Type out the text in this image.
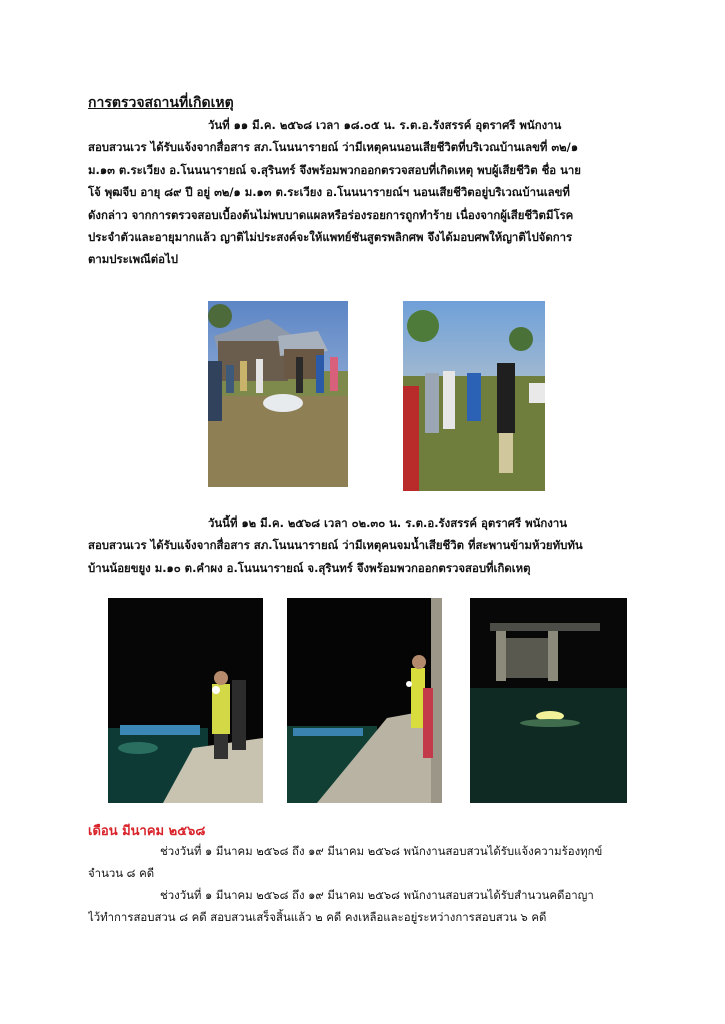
การตรวจสถานที่เกิดเหตุ
วันที่ ๑๑ มี.ค. ๒๕๖๘ เวลา ๑๘.๐๕ น. ร.ต.อ.รังสรรค์ อุตราศรี พนักงาน
สอบสวนเวร ได้รับแจ้งจากสื่อสาร สภ.โนนนารายณ์ ว่ามีเหตุคนนอนเสียชีวิตที่บริเวณบ้านเลขที่ ๓๒/๑
ม.๑๓ ต.ระเวียง อ.โนนนารายณ์ จ.สุรินทร์ จึงพร้อมพวกออกตรวจสอบที่เกิดเหตุ พบผู้เสียชีวิต ชื่อ นาย
โจ้ พุฒจีบ อายุ ๘๙ ปี อยู่ ๓๒/๑ ม.๑๓ ต.ระเวียง อ.โนนนารายณ์ฯ นอนเสียชีวิตอยู่บริเวณบ้านเลขที่
ดังกล่าว จากการตรวจสอบเบื้องต้นไม่พบบาดแผลหรือร่องรอยการถูกทำร้าย เนื่องจากผู้เสียชีวิตมีโรค
ประจำตัวและอายุมากแล้ว ญาติไม่ประสงค์จะให้แพทย์ชันสูตรพลิกศพ จึงได้มอบศพให้ญาติไปจัดการ
ตามประเพณีต่อไป
วันนี้ที่ ๑๒ มี.ค. ๒๕๖๘ เวลา ๐๒.๓๐ น. ร.ต.อ.รังสรรค์ อุตราศรี พนักงาน
สอบสวนเวร ได้รับแจ้งจากสื่อสาร สภ.โนนนารายณ์ ว่ามีเหตุคนจมน้ำเสียชีวิต ที่สะพานข้ามห้วยทับทัน
บ้านน้อยขยูง ม.๑๐ ต.คำผง อ.โนนนารายณ์ จ.สุรินทร์ จึงพร้อมพวกออกตรวจสอบที่เกิดเหตุ
เดือน มีนาคม ๒๕๖๘
ช่วงวันที่ ๑ มีนาคม ๒๕๖๘ ถึง ๑๙ มีนาคม ๒๕๖๘ พนักงานสอบสวนได้รับแจ้งความร้องทุกข์
จำนวน ๘ คดี
ช่วงวันที่ ๑ มีนาคม ๒๕๖๘ ถึง ๑๙ มีนาคม ๒๕๖๘ พนักงานสอบสวนได้รับสำนวนคดีอาญา
ไว้ทำการสอบสวน ๘ คดี สอบสวนเสร็จสิ้นแล้ว ๒ คดี คงเหลือและอยู่ระหว่างการสอบสวน ๖ คดี
